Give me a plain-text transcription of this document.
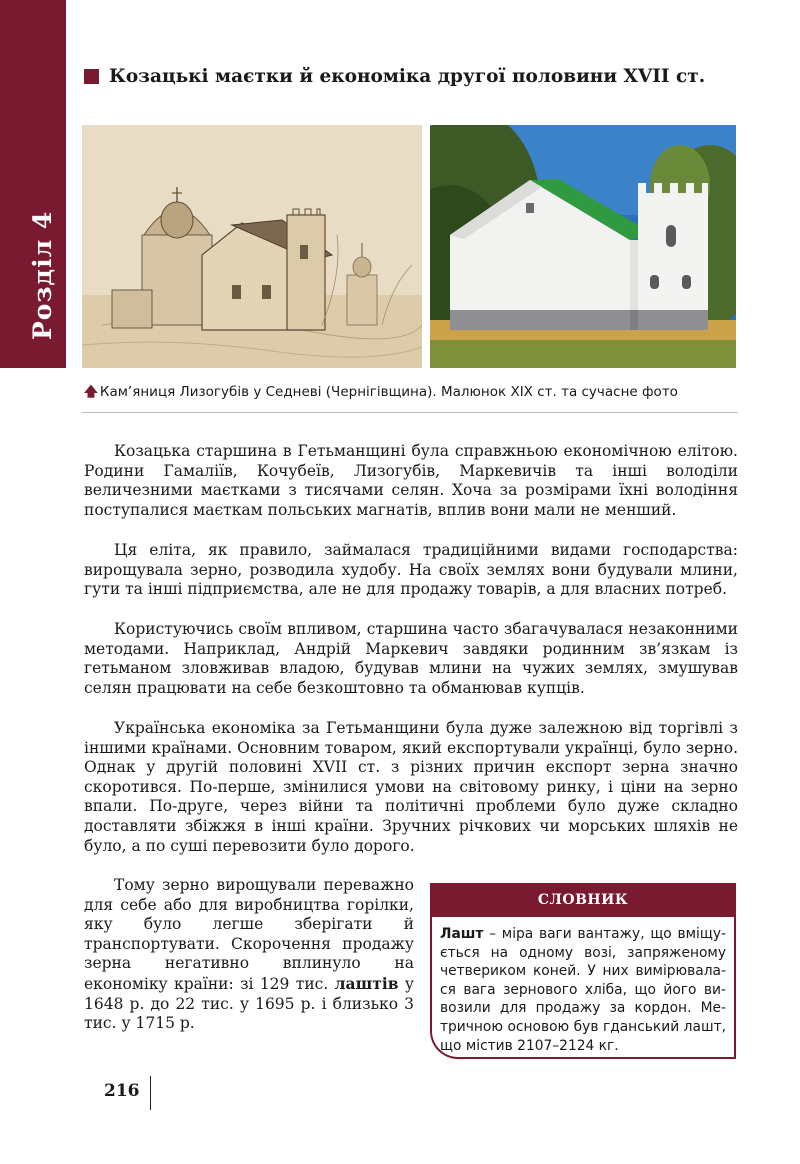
Розділ 4
Козацькі маєтки й економіка другої половини XVII ст.
🡅 Кам’яниця Лизогубів у Седневі (Чернігівщина). Малюнок XIX ст. та сучасне фото

Козацька старшина в Гетьманщині була справжньою економічною елітою. Родини Гамаліїв, Кочубеїв, Лизогубів, Маркевичів та інші володіли величезними маєтками з тисячами селян. Хоча за розмірами їхні володіння поступалися маєткам польських магнатів, вплив вони мали не менший.

Ця еліта, як правило, займалася традиційними видами господарства: вирощувала зерно, розводила худобу. На своїх землях вони будували млини, гути та інші підприємства, але не для продажу товарів, а для власних потреб.

Користуючись своїм впливом, старшина часто збагачувалася незаконними методами. Наприклад, Андрій Маркевич завдяки родинним зв’язкам із гетьманом зловживав владою, будував млини на чужих землях, змушував селян працювати на себе безкоштовно та обманював купців.

Українська економіка за Гетьманщини була дуже залежною від торгівлі з іншими країнами. Основним товаром, який експортували українці, було зерно. Однак у другій половині XVII ст. з різних причин експорт зерна значно скоротився. По-перше, змінилися умови на світовому ринку, і ціни на зерно впали. По-друге, через війни та політичні проблеми було дуже складно доставляти збіжжя в інші країни. Зручних річкових чи морських шляхів не було, а по суші перевозити було дорого.

Тому зерно вирощували переважно для себе або для виробництва горілки, яку було легше зберігати й транспортувати. Скорочення продажу зерна негативно вплинуло на економіку країни: зі 129 тис. лаштів у 1648 р. до 22 тис. у 1695 р. і близько 3 тис. у 1715 р.

СЛОВНИК
Лашт – міра ваги вантажу, що вміщується на одному возі, запряженому четвериком коней. У них вимірювалася вага зернового хліба, що його вивозили для продажу за кордон. Метричною основою був гданський лашт, що містив 2107–2124 кг.
216
